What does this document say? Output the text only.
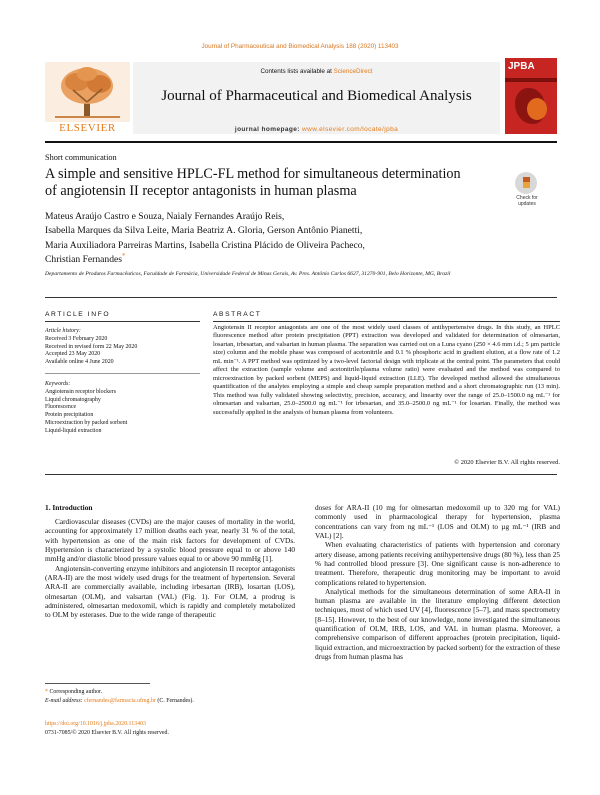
Journal of Pharmaceutical and Biomedical Analysis 188 (2020) 113403
ELSEVIER
Contents lists available at ScienceDirect
Journal of Pharmaceutical and Biomedical Analysis
journal homepage: www.elsevier.com/locate/jpba
JPBA
Short communication
A simple and sensitive HPLC-FL method for simultaneous determination of angiotensin II receptor antagonists in human plasma	Check for updates
Mateus Araújo Castro e Souza, Naialy Fernandes Araújo Reis,
Isabella Marques da Silva Leite, Maria Beatriz A. Gloria, Gerson Antônio Pianetti,
Maria Auxiliadora Parreiras Martins, Isabella Cristina Plácido de Oliveira Pacheco,
Christian Fernandes*
Departamento de Produtos Farmacêuticos, Faculdade de Farmácia, Universidade Federal de Minas Gerais, Av. Pres. Antônio Carlos 6627, 31270-901, Belo Horizonte, MG, Brazil
ARTICLE INFO	ABSTRACT
Article history:
Received 3 February 2020
Received in revised form 22 May 2020
Accepted 23 May 2020
Available online 4 June 2020
Keywords:
Angiotensin receptor blockers
Liquid chromatography
Fluorescence
Protein precipitation
Microextraction by packed sorbent
Liquid-liquid extraction
Angiotensin II receptor antagonists are one of the most widely used classes of antihypertensive drugs. In this study, an HPLC fluorescence method after protein precipitation (PPT) extraction was developed and validated for determination of olmesartan, losartan, irbesartan, and valsartan in human plasma. The separation was carried out on a Luna cyano (250 × 4.6 mm i.d.; 5 µm particle size) column and the mobile phase was composed of acetonitrile and 0.1 % phosphoric acid in gradient elution, at a flow rate of 1.2 mL min⁻¹. A PPT method was optimized by a two-level factorial design with triplicate at the central point. The parameters that could affect the extraction (sample volume and acetonitrile/plasma volume ratio) were evaluated and the method was compared to microextraction by packed sorbent (MEPS) and liquid-liquid extraction (LLE). The developed method allowed the simultaneous quantification of the analytes employing a simple and cheap sample preparation method and a short chromatographic run (13 min). This method was fully validated showing selectivity, precision, accuracy, and linearity over the range of 25.0–1500.0 ng mL⁻¹ for olmesartan and valsartan, 25.0–2500.0 ng mL⁻¹ for irbesartan, and 35.0–2500.0 ng mL⁻¹ for losartan. Finally, the method was successfully applied in the analysis of human plasma from volunteers.
© 2020 Elsevier B.V. All rights reserved.
1. Introduction

Cardiovascular diseases (CVDs) are the major causes of mortality in the world, accounting for approximately 17 million deaths each year, nearly 31 % of the total, with hypertension as one of the main risk factors for development of CVDs. Hypertension is characterized by a systolic blood pressure equal to or above 140 mmHg and/or diastolic blood pressure values equal to or above 90 mmHg [1].

Angiotensin-converting enzyme inhibitors and angiotensin II receptor antagonists (ARA-II) are the most widely used drugs for the treatment of hypertension. Several ARA-II are commercially available, including irbesartan (IRB), losartan (LOS), olmesartan (OLM), and valsartan (VAL) (Fig. 1). For OLM, a prodrug is administered, olmesartan medoxomil, which is rapidly and completely metabolized to OLM by esterases. Due to the wide range of therapeutic

doses for ARA-II (10 mg for olmesartan medoxomil up to 320 mg for VAL) commonly used in pharmacological therapy for hypertension, plasma concentrations can vary from ng mL⁻¹ (LOS and OLM) to µg mL⁻¹ (IRB and VAL) [2].

When evaluating characteristics of patients with hypertension and coronary artery disease, among patients receiving antihypertensive drugs (80 %), less than 25 % had controlled blood pressure [3]. One significant cause is non-adherence to treatment. Therefore, therapeutic drug monitoring may be important to avoid complications related to hypertension.

Analytical methods for the simultaneous determination of some ARA-II in human plasma are available in the literature employing different detection techniques, most of which used UV [4], fluorescence [5–7], and mass spectrometry [8–15]. However, to the best of our knowledge, none investigated the simultaneous quantification of OLM, IRB, LOS, and VAL in human plasma. Moreover, a comprehensive comparison of different approaches (protein precipitation, liquid-liquid extraction, and microextraction by packed sorbent) for the extraction of these drugs from human plasma has

* Corresponding author.
E-mail address: cfernandes@farmacia.ufmg.br (C. Fernandes).
https://doi.org/10.1016/j.jpba.2020.113403
0731-7085/© 2020 Elsevier B.V. All rights reserved.
